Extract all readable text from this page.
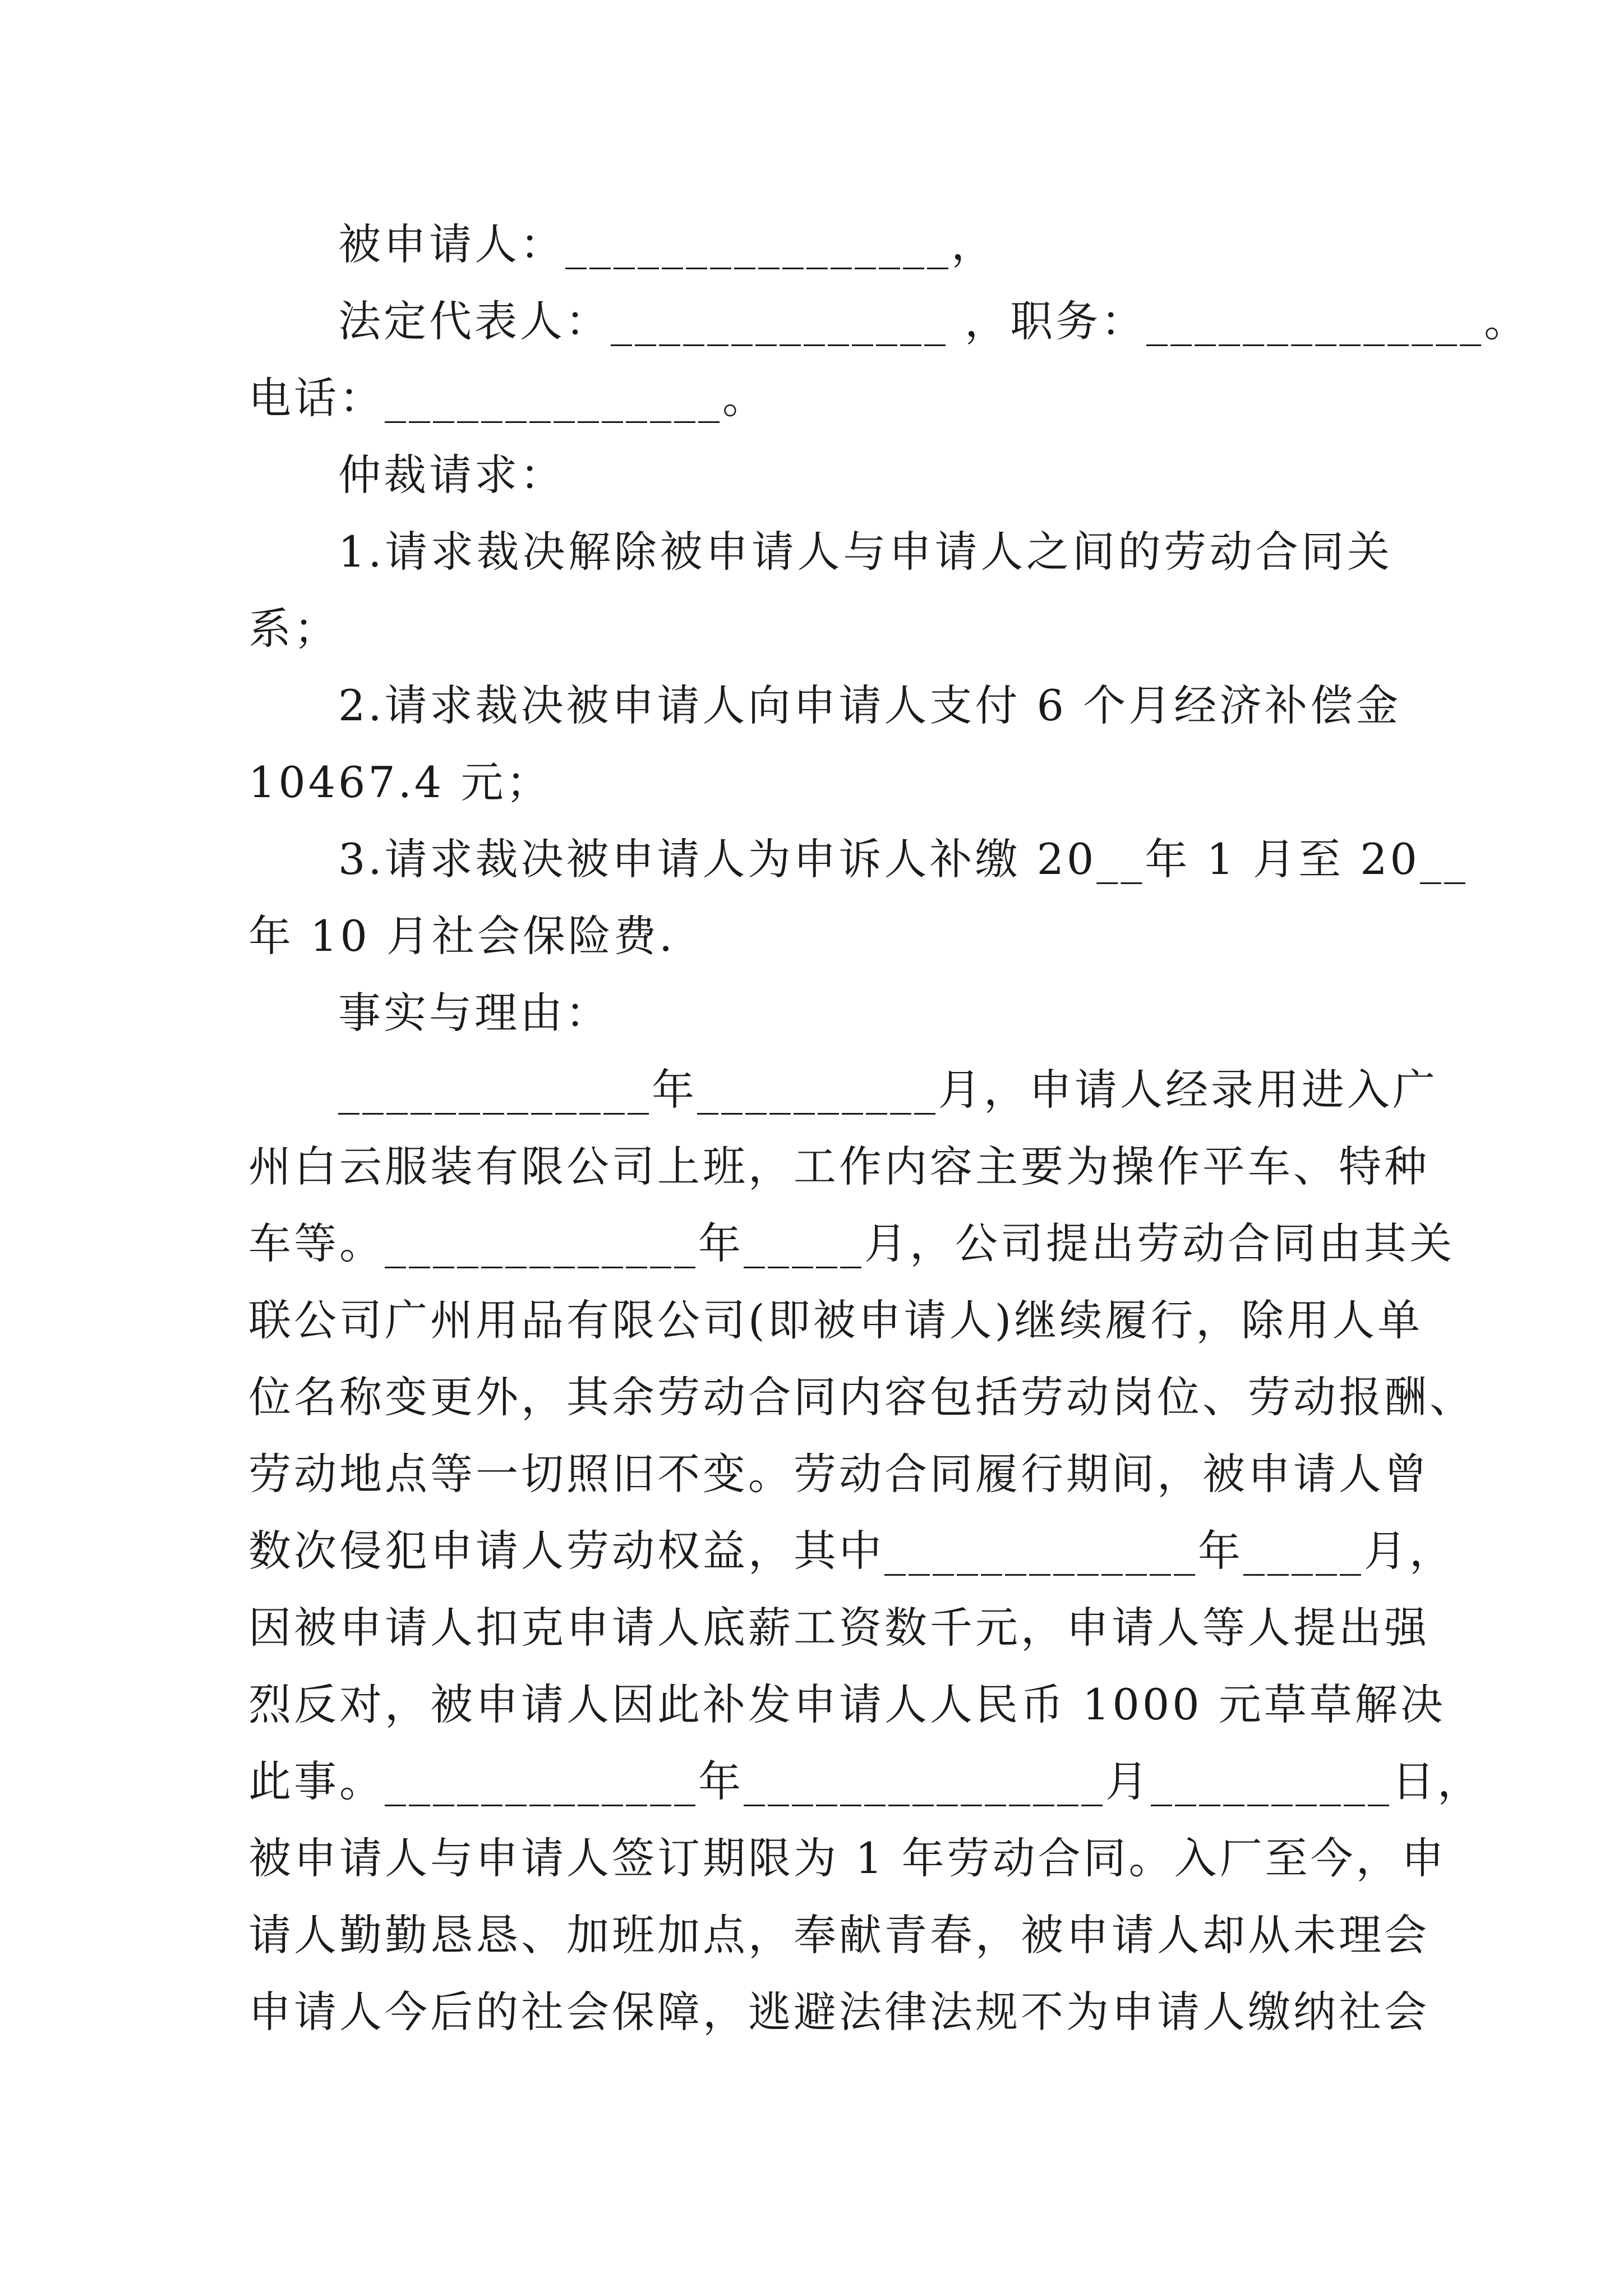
被申请人：________________，
法定代表人：______________ ，职务：______________。
电话：______________。
仲裁请求：
1.请求裁决解除被申请人与申请人之间的劳动合同关
系；
2.请求裁决被申请人向申请人支付 6 个月经济补偿金
10467.4 元；
3.请求裁决被申请人为申诉人补缴 20__年 1 月至 20__
年 10 月社会保险费.
事实与理由：
_____________年__________月，申请人经录用进入广
州白云服装有限公司上班，工作内容主要为操作平车、特种
车等。_____________年_____月，公司提出劳动合同由其关
联公司广州用品有限公司(即被申请人)继续履行，除用人单
位名称变更外，其余劳动合同内容包括劳动岗位、劳动报酬、
劳动地点等一切照旧不变。劳动合同履行期间，被申请人曾
数次侵犯申请人劳动权益，其中_____________年_____月，
因被申请人扣克申请人底薪工资数千元，申请人等人提出强
烈反对，被申请人因此补发申请人人民币 1000 元草草解决
此事。_____________年_______________月__________日，
被申请人与申请人签订期限为 1 年劳动合同。入厂至今，申
请人勤勤恳恳、加班加点，奉献青春，被申请人却从未理会
申请人今后的社会保障，逃避法律法规不为申请人缴纳社会
